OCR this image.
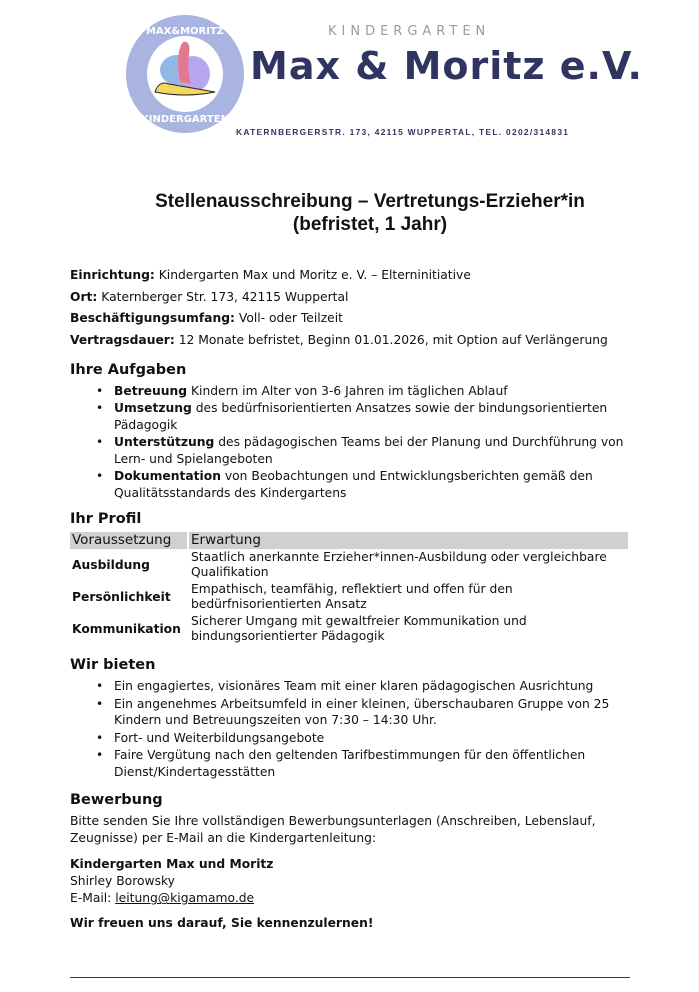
MAX&MORITZ
KINDERGARTEN
KINDERGARTEN
Max & Moritz e.V.
KATERNBERGERSTR. 173, 42115 WUPPERTAL, TEL. 0202/314831
Stellenausschreibung – Vertretungs-Erzieher*in
(befristet, 1 Jahr)
Einrichtung: Kindergarten Max und Moritz e. V. – Elterninitiative
Ort: Katernberger Str. 173, 42115 Wuppertal
Beschäftigungsumfang: Voll- oder Teilzeit
Vertragsdauer: 12 Monate befristet, Beginn 01.01.2026, mit Option auf Verlängerung
Ihre Aufgaben
• Betreuung Kindern im Alter von 3-6 Jahren im täglichen Ablauf
• Umsetzung des bedürfnisorientierten Ansatzes sowie der bindungsorientierten Pädagogik
• Unterstützung des pädagogischen Teams bei der Planung und Durchführung von Lern- und Spielangeboten
• Dokumentation von Beobachtungen und Entwicklungsberichten gemäß den Qualitätsstandards des Kindergartens
Ihr Profil
Voraussetzung	Erwartung
Ausbildung	Staatlich anerkannte Erzieher*innen-Ausbildung oder vergleichbare Qualifikation
Persönlichkeit	Empathisch, teamfähig, reflektiert und offen für den bedürfnisorientierten Ansatz
Kommunikation	Sicherer Umgang mit gewaltfreier Kommunikation und bindungsorientierter Pädagogik
Wir bieten
• Ein engagiertes, visionäres Team mit einer klaren pädagogischen Ausrichtung
• Ein angenehmes Arbeitsumfeld in einer kleinen, überschaubaren Gruppe von 25 Kindern und Betreuungszeiten von 7:30 – 14:30 Uhr.
• Fort- und Weiterbildungsangebote
• Faire Vergütung nach den geltenden Tarifbestimmungen für den öffentlichen Dienst/Kindertagesstätten
Bewerbung

Bitte senden Sie Ihre vollständigen Bewerbungsunterlagen (Anschreiben, Lebenslauf, Zeugnisse) per E-Mail an die Kindergartenleitung:

Kindergarten Max und Moritz

Shirley Borowsky

E-Mail: leitung@kigamamo.de

Wir freuen uns darauf, Sie kennenzulernen!
